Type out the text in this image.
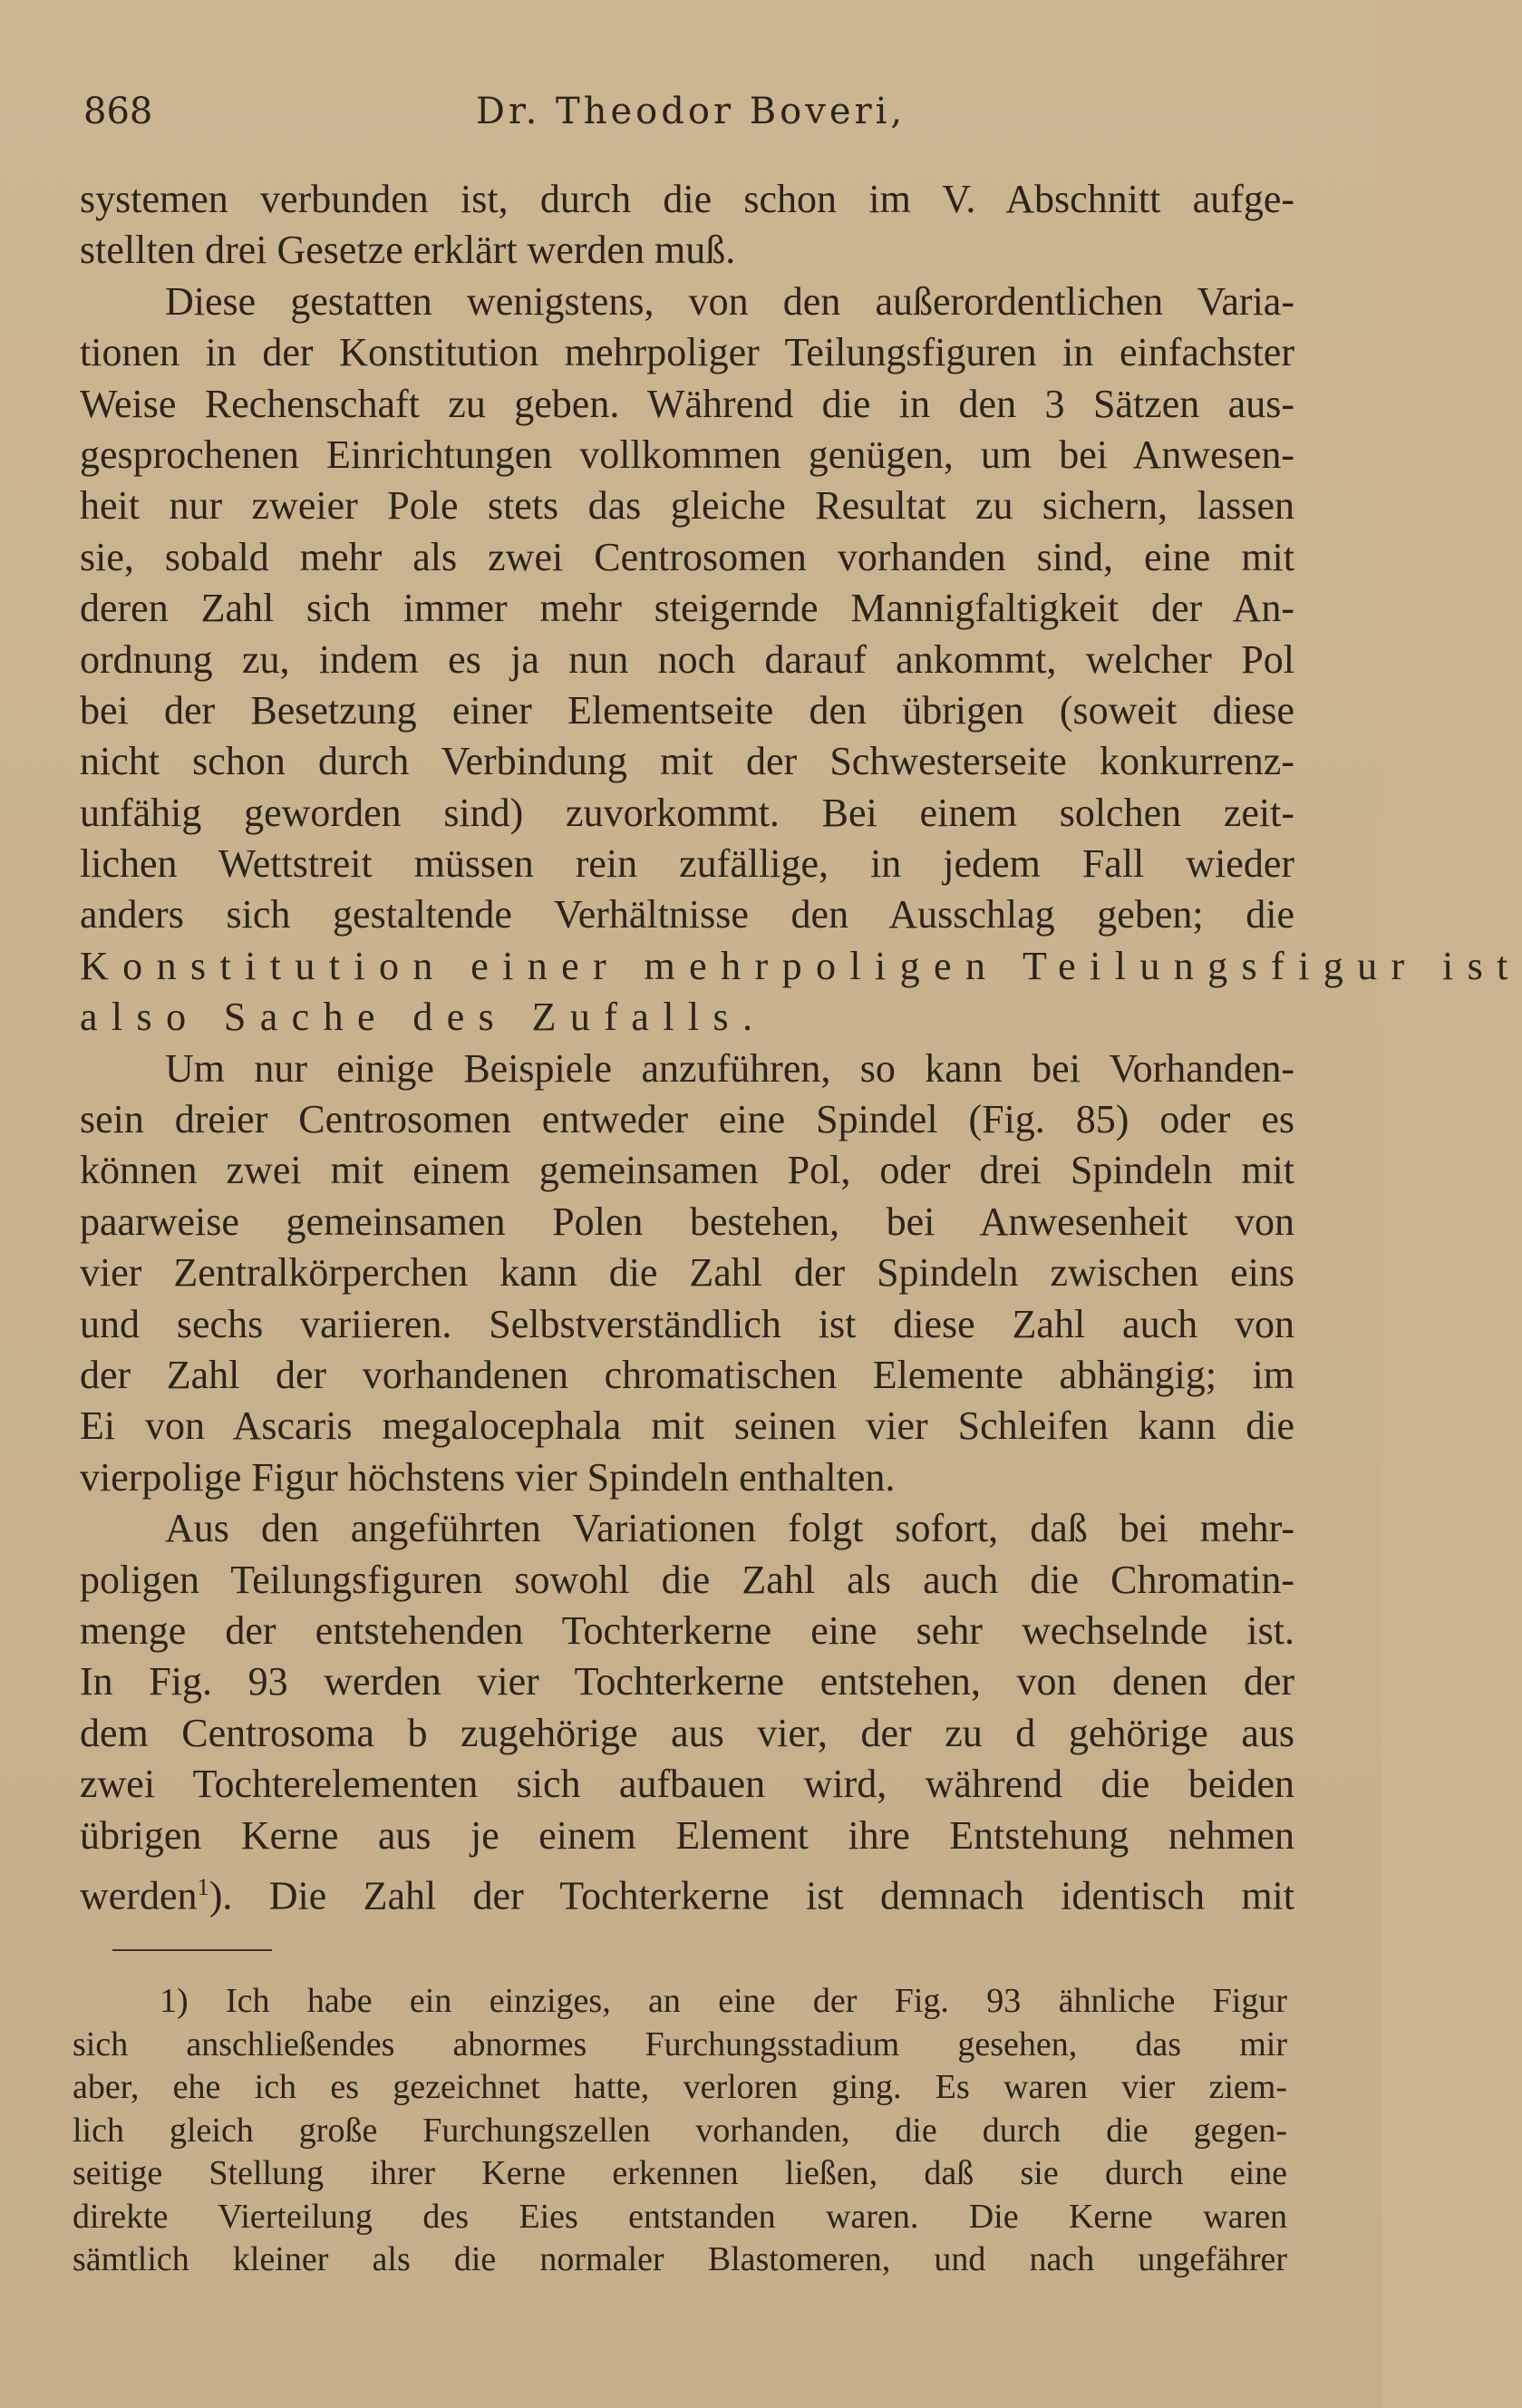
868	Dr. Theodor Boveri,
systemen verbunden ist, durch die schon im V. Abschnitt aufge-
stellten drei Gesetze erklärt werden muß.
Diese gestatten wenigstens, von den außerordentlichen Varia-
tionen in der Konstitution mehrpoliger Teilungsfiguren in einfachster
Weise Rechenschaft zu geben. Während die in den 3 Sätzen aus-
gesprochenen Einrichtungen vollkommen genügen, um bei Anwesen-
heit nur zweier Pole stets das gleiche Resultat zu sichern, lassen
sie, sobald mehr als zwei Centrosomen vorhanden sind, eine mit
deren Zahl sich immer mehr steigernde Mannigfaltigkeit der An-
ordnung zu, indem es ja nun noch darauf ankommt, welcher Pol
bei der Besetzung einer Elementseite den übrigen (soweit diese
nicht schon durch Verbindung mit der Schwesterseite konkurrenz-
unfähig geworden sind) zuvorkommt. Bei einem solchen zeit-
lichen Wettstreit müssen rein zufällige, in jedem Fall wieder
anders sich gestaltende Verhältnisse den Ausschlag geben; die
Konstitution einer mehrpoligen Teilungsfigur ist
also Sache des Zufalls.
Um nur einige Beispiele anzuführen, so kann bei Vorhanden-
sein dreier Centrosomen entweder eine Spindel (Fig. 85) oder es
können zwei mit einem gemeinsamen Pol, oder drei Spindeln mit
paarweise gemeinsamen Polen bestehen, bei Anwesenheit von
vier Zentralkörperchen kann die Zahl der Spindeln zwischen eins
und sechs variieren. Selbstverständlich ist diese Zahl auch von
der Zahl der vorhandenen chromatischen Elemente abhängig; im
Ei von Ascaris megalocephala mit seinen vier Schleifen kann die
vierpolige Figur höchstens vier Spindeln enthalten.
Aus den angeführten Variationen folgt sofort, daß bei mehr-
poligen Teilungsfiguren sowohl die Zahl als auch die Chromatin-
menge der entstehenden Tochterkerne eine sehr wechselnde ist.
In Fig. 93 werden vier Tochterkerne entstehen, von denen der
dem Centrosoma b zugehörige aus vier, der zu d gehörige aus
zwei Tochterelementen sich aufbauen wird, während die beiden
übrigen Kerne aus je einem Element ihre Entstehung nehmen
werden$^1$). Die Zahl der Tochterkerne ist demnach identisch mit
1) Ich habe ein einziges, an eine der Fig. 93 ähnliche Figur
sich anschließendes abnormes Furchungsstadium gesehen, das mir
aber, ehe ich es gezeichnet hatte, verloren ging. Es waren vier ziem-
lich gleich große Furchungszellen vorhanden, die durch die gegen-
seitige Stellung ihrer Kerne erkennen ließen, daß sie durch eine
direkte Vierteilung des Eies entstanden waren. Die Kerne waren
sämtlich kleiner als die normaler Blastomeren, und nach ungefährer
